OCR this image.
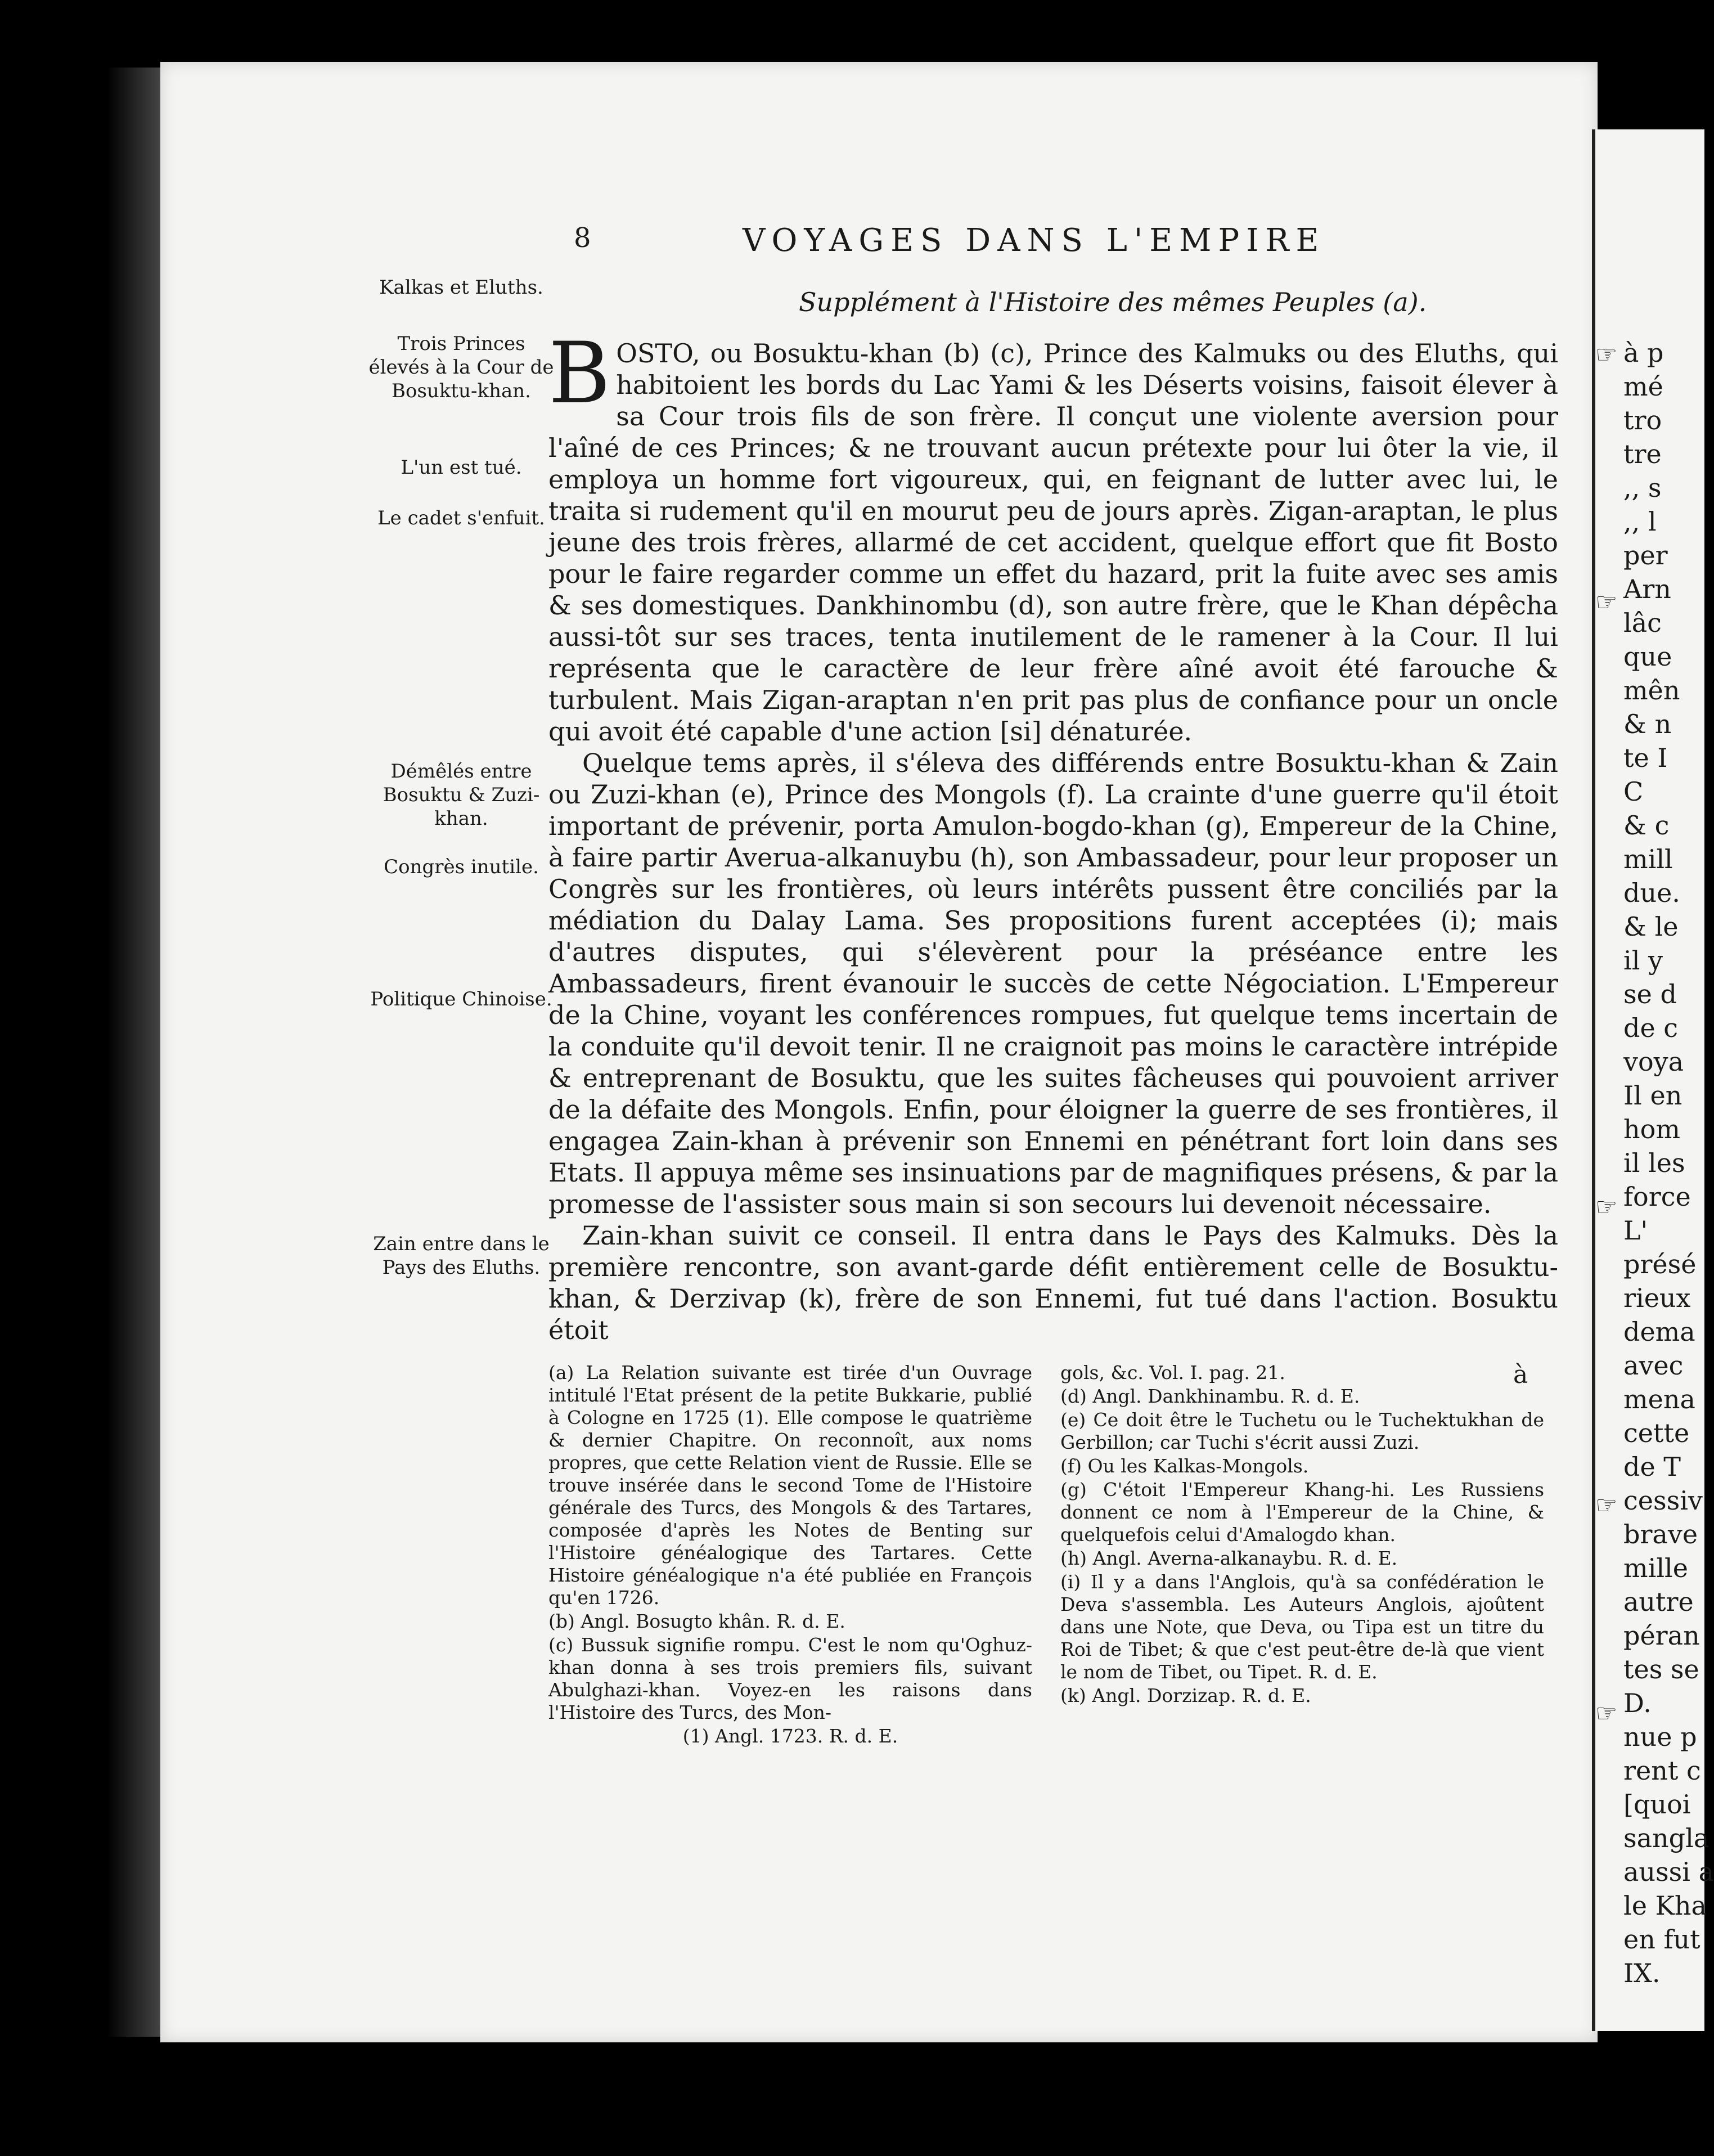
8	VOYAGES DANS L'EMPIRE
Supplément à l'Histoire des mêmes Peuples (a).
Kalkas et Eluths.
Trois Princes élevés à la Cour de Bosuktu-khan.
L'un est tué.
Le cadet s'enfuit.
Démêlés entre Bosuktu & Zuzi-khan.
Congrès inutile.
Politique Chinoise.
Zain entre dans le Pays des Eluths.

B OSTO, ou Bosuktu-khan (b) (c), Prince des Kalmuks ou des Eluths, qui habitoient les bords du Lac Yami & les Déserts voisins, faisoit élever à sa Cour trois fils de son frère. Il conçut une violente aversion pour l'aîné de ces Princes; & ne trouvant aucun prétexte pour lui ôter la vie, il employa un homme fort vigoureux, qui, en feignant de lutter avec lui, le traita si rudement qu'il en mourut peu de jours après. Zigan-araptan, le plus jeune des trois frères, allarmé de cet accident, quelque effort que fit Bosto pour le faire regarder comme un effet du hazard, prit la fuite avec ses amis & ses domestiques. Dankhinombu (d), son autre frère, que le Khan dépêcha aussi-tôt sur ses traces, tenta inutilement de le ramener à la Cour. Il lui représenta que le caractère de leur frère aîné avoit été farouche & turbulent. Mais Zigan-araptan n'en prit pas plus de confiance pour un oncle qui avoit été capable d'une action [si] dénaturée.

Quelque tems après, il s'éleva des différends entre Bosuktu-khan & Zain ou Zuzi-khan (e), Prince des Mongols (f). La crainte d'une guerre qu'il étoit important de prévenir, porta Amulon-bogdo-khan (g), Empereur de la Chine, à faire partir Averua-alkanuybu (h), son Ambassadeur, pour leur proposer un Congrès sur les frontières, où leurs intérêts pussent être conciliés par la médiation du Dalay Lama. Ses propositions furent acceptées (i); mais d'autres disputes, qui s'élevèrent pour la préséance entre les Ambassadeurs, firent évanouir le succès de cette Négociation. L'Empereur de la Chine, voyant les conférences rompues, fut quelque tems incertain de la conduite qu'il devoit tenir. Il ne craignoit pas moins le caractère intrépide & entreprenant de Bosuktu, que les suites fâcheuses qui pouvoient arriver de la défaite des Mongols. Enfin, pour éloigner la guerre de ses frontières, il engagea Zain-khan à prévenir son Ennemi en pénétrant fort loin dans ses Etats. Il appuya même ses insinuations par de magnifiques présens, & par la promesse de l'assister sous main si son secours lui devenoit nécessaire.

Zain-khan suivit ce conseil. Il entra dans le Pays des Kalmuks. Dès la première rencontre, son avant-garde défit entièrement celle de Bosuktu-khan, & Derzivap (k), frère de son Ennemi, fut tué dans l'action. Bosuktu étoit

à

(a) La Relation suivante est tirée d'un Ouvrage intitulé l'Etat présent de la petite Bukkarie, publié à Cologne en 1725 (1). Elle compose le quatrième & dernier Chapitre. On reconnoît, aux noms propres, que cette Relation vient de Russie. Elle se trouve insérée dans le second Tome de l'Histoire générale des Turcs, des Mongols & des Tartares, composée d'après les Notes de Benting sur l'Histoire généalogique des Tartares. Cette Histoire généalogique n'a été publiée en François qu'en 1726.

(b) Angl. Bosugto khân. R. d. E.

(c) Bussuk signifie rompu. C'est le nom qu'Oghuz-khan donna à ses trois premiers fils, suivant Abulghazi-khan. Voyez-en les raisons dans l'Histoire des Turcs, des Mon-

(1) Angl. 1723. R. d. E.

gols, &c. Vol. I. pag. 21.

(d) Angl. Dankhinambu. R. d. E.

(e) Ce doit être le Tuchetu ou le Tuchektukhan de Gerbillon; car Tuchi s'écrit aussi Zuzi.

(f) Ou les Kalkas-Mongols.

(g) C'étoit l'Empereur Khang-hi. Les Russiens donnent ce nom à l'Empereur de la Chine, & quelquefois celui d'Amalogdo khan.

(h) Angl. Averna-alkanaybu. R. d. E.

(i) Il y a dans l'Anglois, qu'à sa confédération le Deva s'assembla. Les Auteurs Anglois, ajoûtent dans une Note, que Deva, ou Tipa est un titre du Roi de Tibet; & que c'est peut-être de-là que vient le nom de Tibet, ou Tipet. R. d. E.

(k) Angl. Dorzizap. R. d. E.

☞
☞
☞
☞
☞
à p
mé
tro
tre
,, s
,, l
per
Arn
lâc
que
mên
& n
te I
C
& c
mill
due.
& le
il y
se d
de c
voya
Il en
hom
il les
force
L'
présé
rieux
dema
avec
mena
cette
de T
cessiv
brave
mille
autre
péran
tes se
D.
nue p
rent c
[quoi
sangla
aussi a
le Kha
en fut
IX.
